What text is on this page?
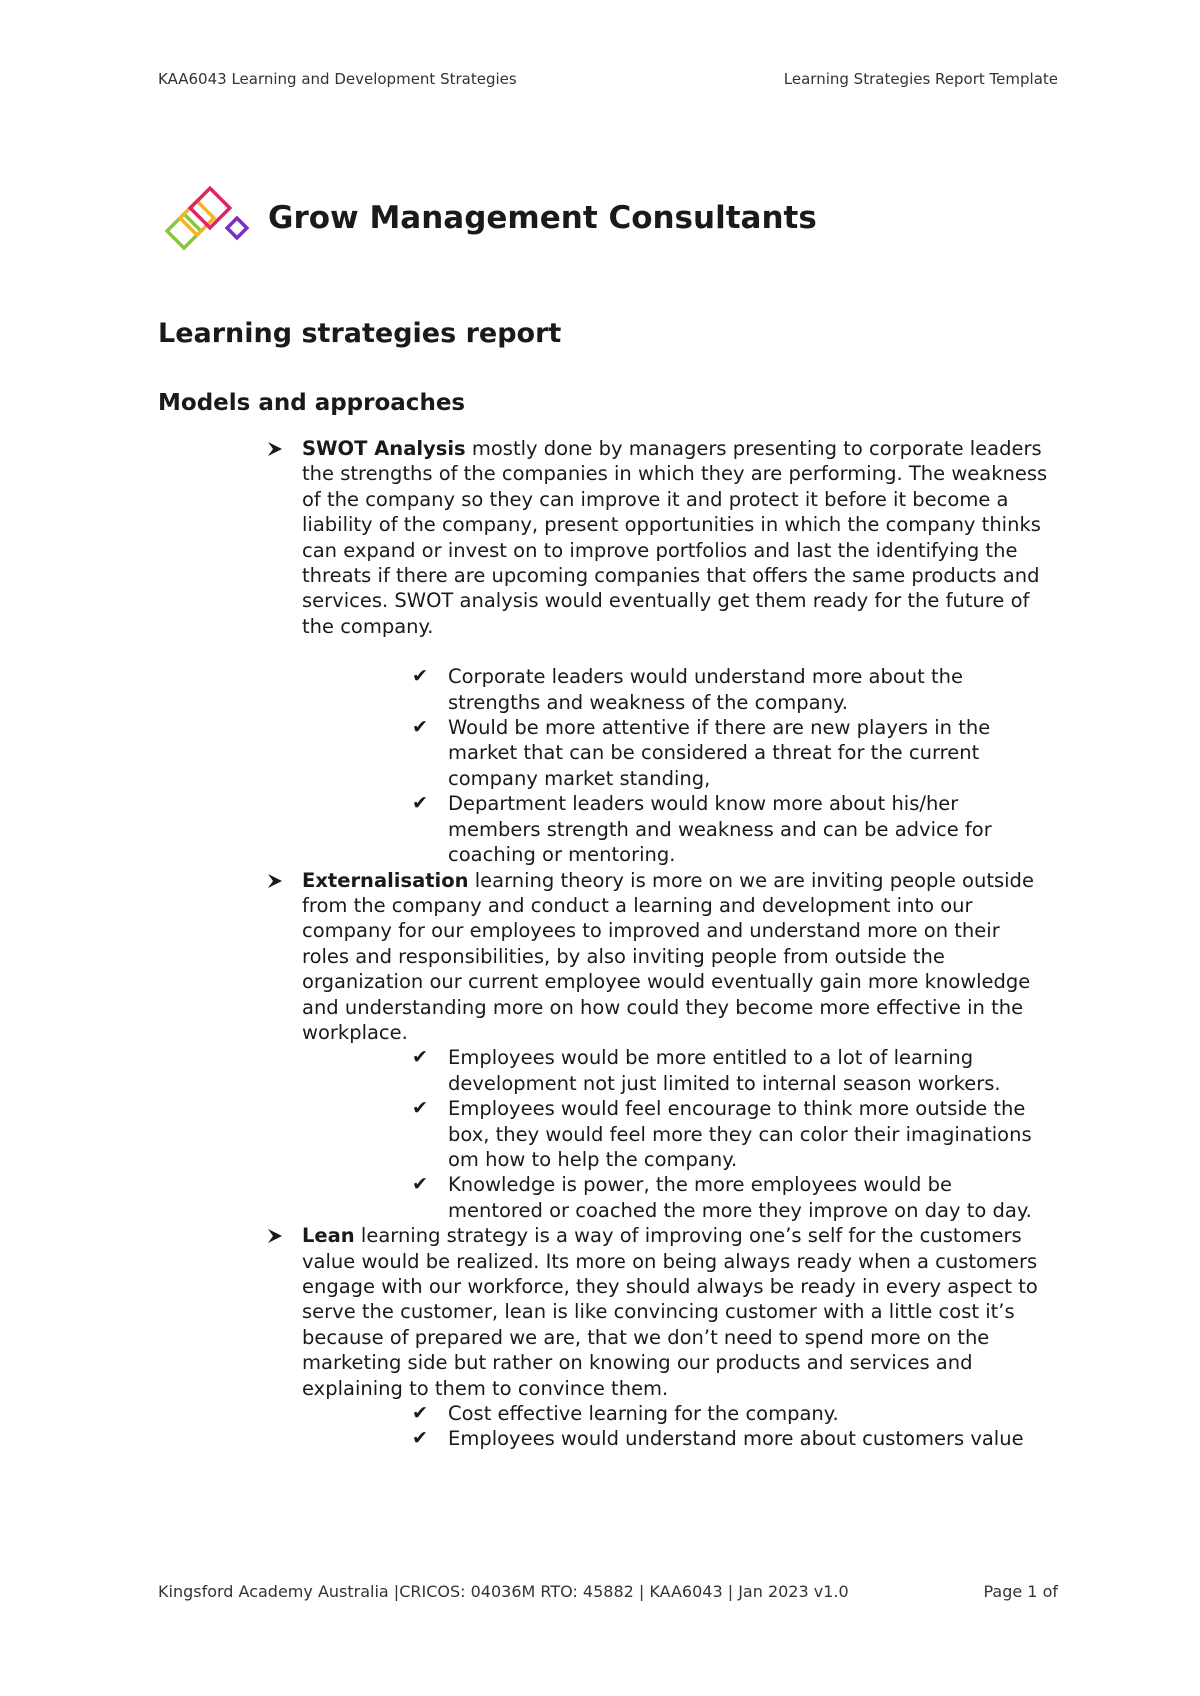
KAA6043 Learning and Development Strategies	Learning Strategies Report Template
Grow Management Consultants
Learning strategies report
Models and approaches

SWOT Analysis mostly done by managers presenting to corporate leaders the strengths of the companies in which they are performing. The weakness of the company so they can improve it and protect it before it become a liability of the company, present opportunities in which the company thinks can expand or invest on to improve portfolios and last the identifying the threats if there are upcoming companies that offers the same products and services. SWOT analysis would eventually get them ready for the future of the company.

✔ Corporate leaders would understand more about the strengths and weakness of the company.
✔ Would be more attentive if there are new players in the market that can be considered a threat for the current company market standing,
✔ Department leaders would know more about his/her members strength and weakness and can be advice for coaching or mentoring.

Externalisation learning theory is more on we are inviting people outside from the company and conduct a learning and development into our company for our employees to improved and understand more on their roles and responsibilities, by also inviting people from outside the organization our current employee would eventually gain more knowledge and understanding more on how could they become more effective in the workplace.

✔ Employees would be more entitled to a lot of learning development not just limited to internal season workers.
✔ Employees would feel encourage to think more outside the box, they would feel more they can color their imaginations om how to help the company.
✔ Knowledge is power, the more employees would be mentored or coached the more they improve on day to day.

Lean learning strategy is a way of improving one’s self for the customers value would be realized. Its more on being always ready when a customers engage with our workforce, they should always be ready in every aspect to serve the customer, lean is like convincing customer with a little cost it’s because of prepared we are, that we don’t need to spend more on the marketing side but rather on knowing our products and services and explaining to them to convince them.

✔ Cost effective learning for the company.
✔ Employees would understand more about customers value
Kingsford Academy Australia |CRICOS: 04036M RTO: 45882 | KAA6043 | Jan 2023 v1.0	Page 1 of
